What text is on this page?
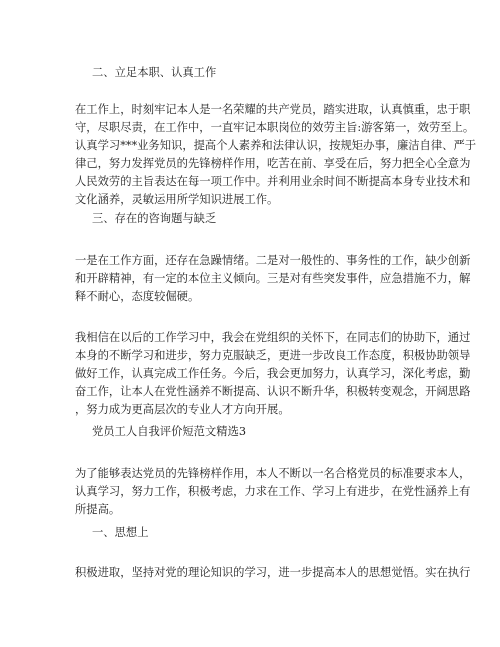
二、立足本职、认真工作
在工作上，时刻牢记本人是一名荣耀的共产党员，踏实进取，认真慎重，忠于职
守，尽职尽责，在工作中，一直牢记本职岗位的效劳主旨:游客第一，效劳至上。
认真学习***业务知识，提高个人素养和法律认识，按规矩办事，廉洁自律、严于
律己，努力发挥党员的先锋榜样作用，吃苦在前、享受在后，努力把全心全意为
人民效劳的主旨表达在每一项工作中。并利用业余时间不断提高本身专业技术和
文化涵养，灵敏运用所学知识进展工作。
三、存在的咨询题与缺乏
一是在工作方面，还存在急躁情绪。二是对一般性的、事务性的工作，缺少创新
和开辟精神，有一定的本位主义倾向。三是对有些突发事件，应急措施不力，解
释不耐心，态度较倔硬。
我相信在以后的工作学习中，我会在党组织的关怀下，在同志们的协助下，通过
本身的不断学习和进步，努力克服缺乏，更进一步改良工作态度，积极协助领导
做好工作，认真完成工作任务。今后，我会更加努力，认真学习，深化考虑，勤
奋工作，让本人在党性涵养不断提高、认识不断升华，积极转变观念，开阔思路
，努力成为更高层次的专业人才方向开展。
党员工人自我评价短范文精选3
为了能够表达党员的先锋榜样作用，本人不断以一名合格党员的标准要求本人，
认真学习，努力工作，积极考虑，力求在工作、学习上有进步，在党性涵养上有
所提高。
一、思想上
积极进取，坚持对党的理论知识的学习，进一步提高本人的思想觉悟。实在执行
